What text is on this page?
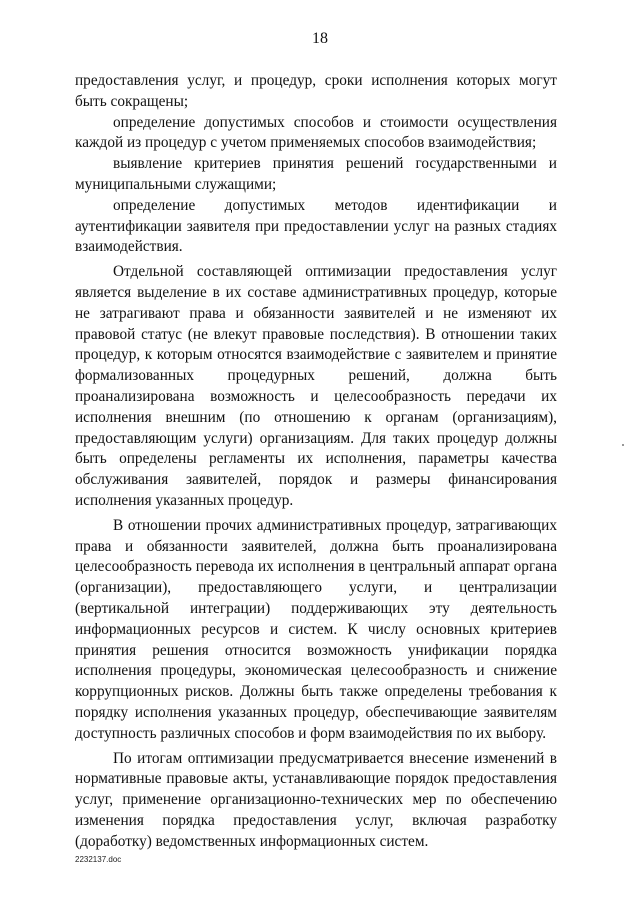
18

предоставления услуг, и процедур, сроки исполнения которых могут быть сокращены;

определение допустимых способов и стоимости осуществления каждой из процедур с учетом применяемых способов взаимодействия;

выявление критериев принятия решений государственными и муниципальными служащими;

определение допустимых методов идентификации и аутентификации заявителя при предоставлении услуг на разных стадиях взаимодействия.

Отдельной составляющей оптимизации предоставления услуг является выделение в их составе административных процедур, которые не затрагивают права и обязанности заявителей и не изменяют их правовой статус (не влекут правовые последствия). В отношении таких процедур, к которым относятся взаимодействие с заявителем и принятие формализованных процедурных решений, должна быть проанализирована возможность и целесообразность передачи их исполнения внешним (по отношению к органам (организациям), предоставляющим услуги) организациям. Для таких процедур должны быть определены регламенты их исполнения, параметры качества обслуживания заявителей, порядок и размеры финансирования исполнения указанных процедур.

В отношении прочих административных процедур, затрагивающих права и обязанности заявителей, должна быть проанализирована целесообразность перевода их исполнения в центральный аппарат органа (организации), предоставляющего услуги, и централизации (вертикальной интеграции) поддерживающих эту деятельность информационных ресурсов и систем. К числу основных критериев принятия решения относится возможность унификации порядка исполнения процедуры, экономическая целесообразность и снижение коррупционных рисков. Должны быть также определены требования к порядку исполнения указанных процедур, обеспечивающие заявителям доступность различных способов и форм взаимодействия по их выбору.

По итогам оптимизации предусматривается внесение изменений в нормативные правовые акты, устанавливающие порядок предоставления услуг, применение организационно-технических мер по обеспечению изменения порядка предоставления услуг, включая разработку (доработку) ведомственных информационных систем.

2232137.doc
